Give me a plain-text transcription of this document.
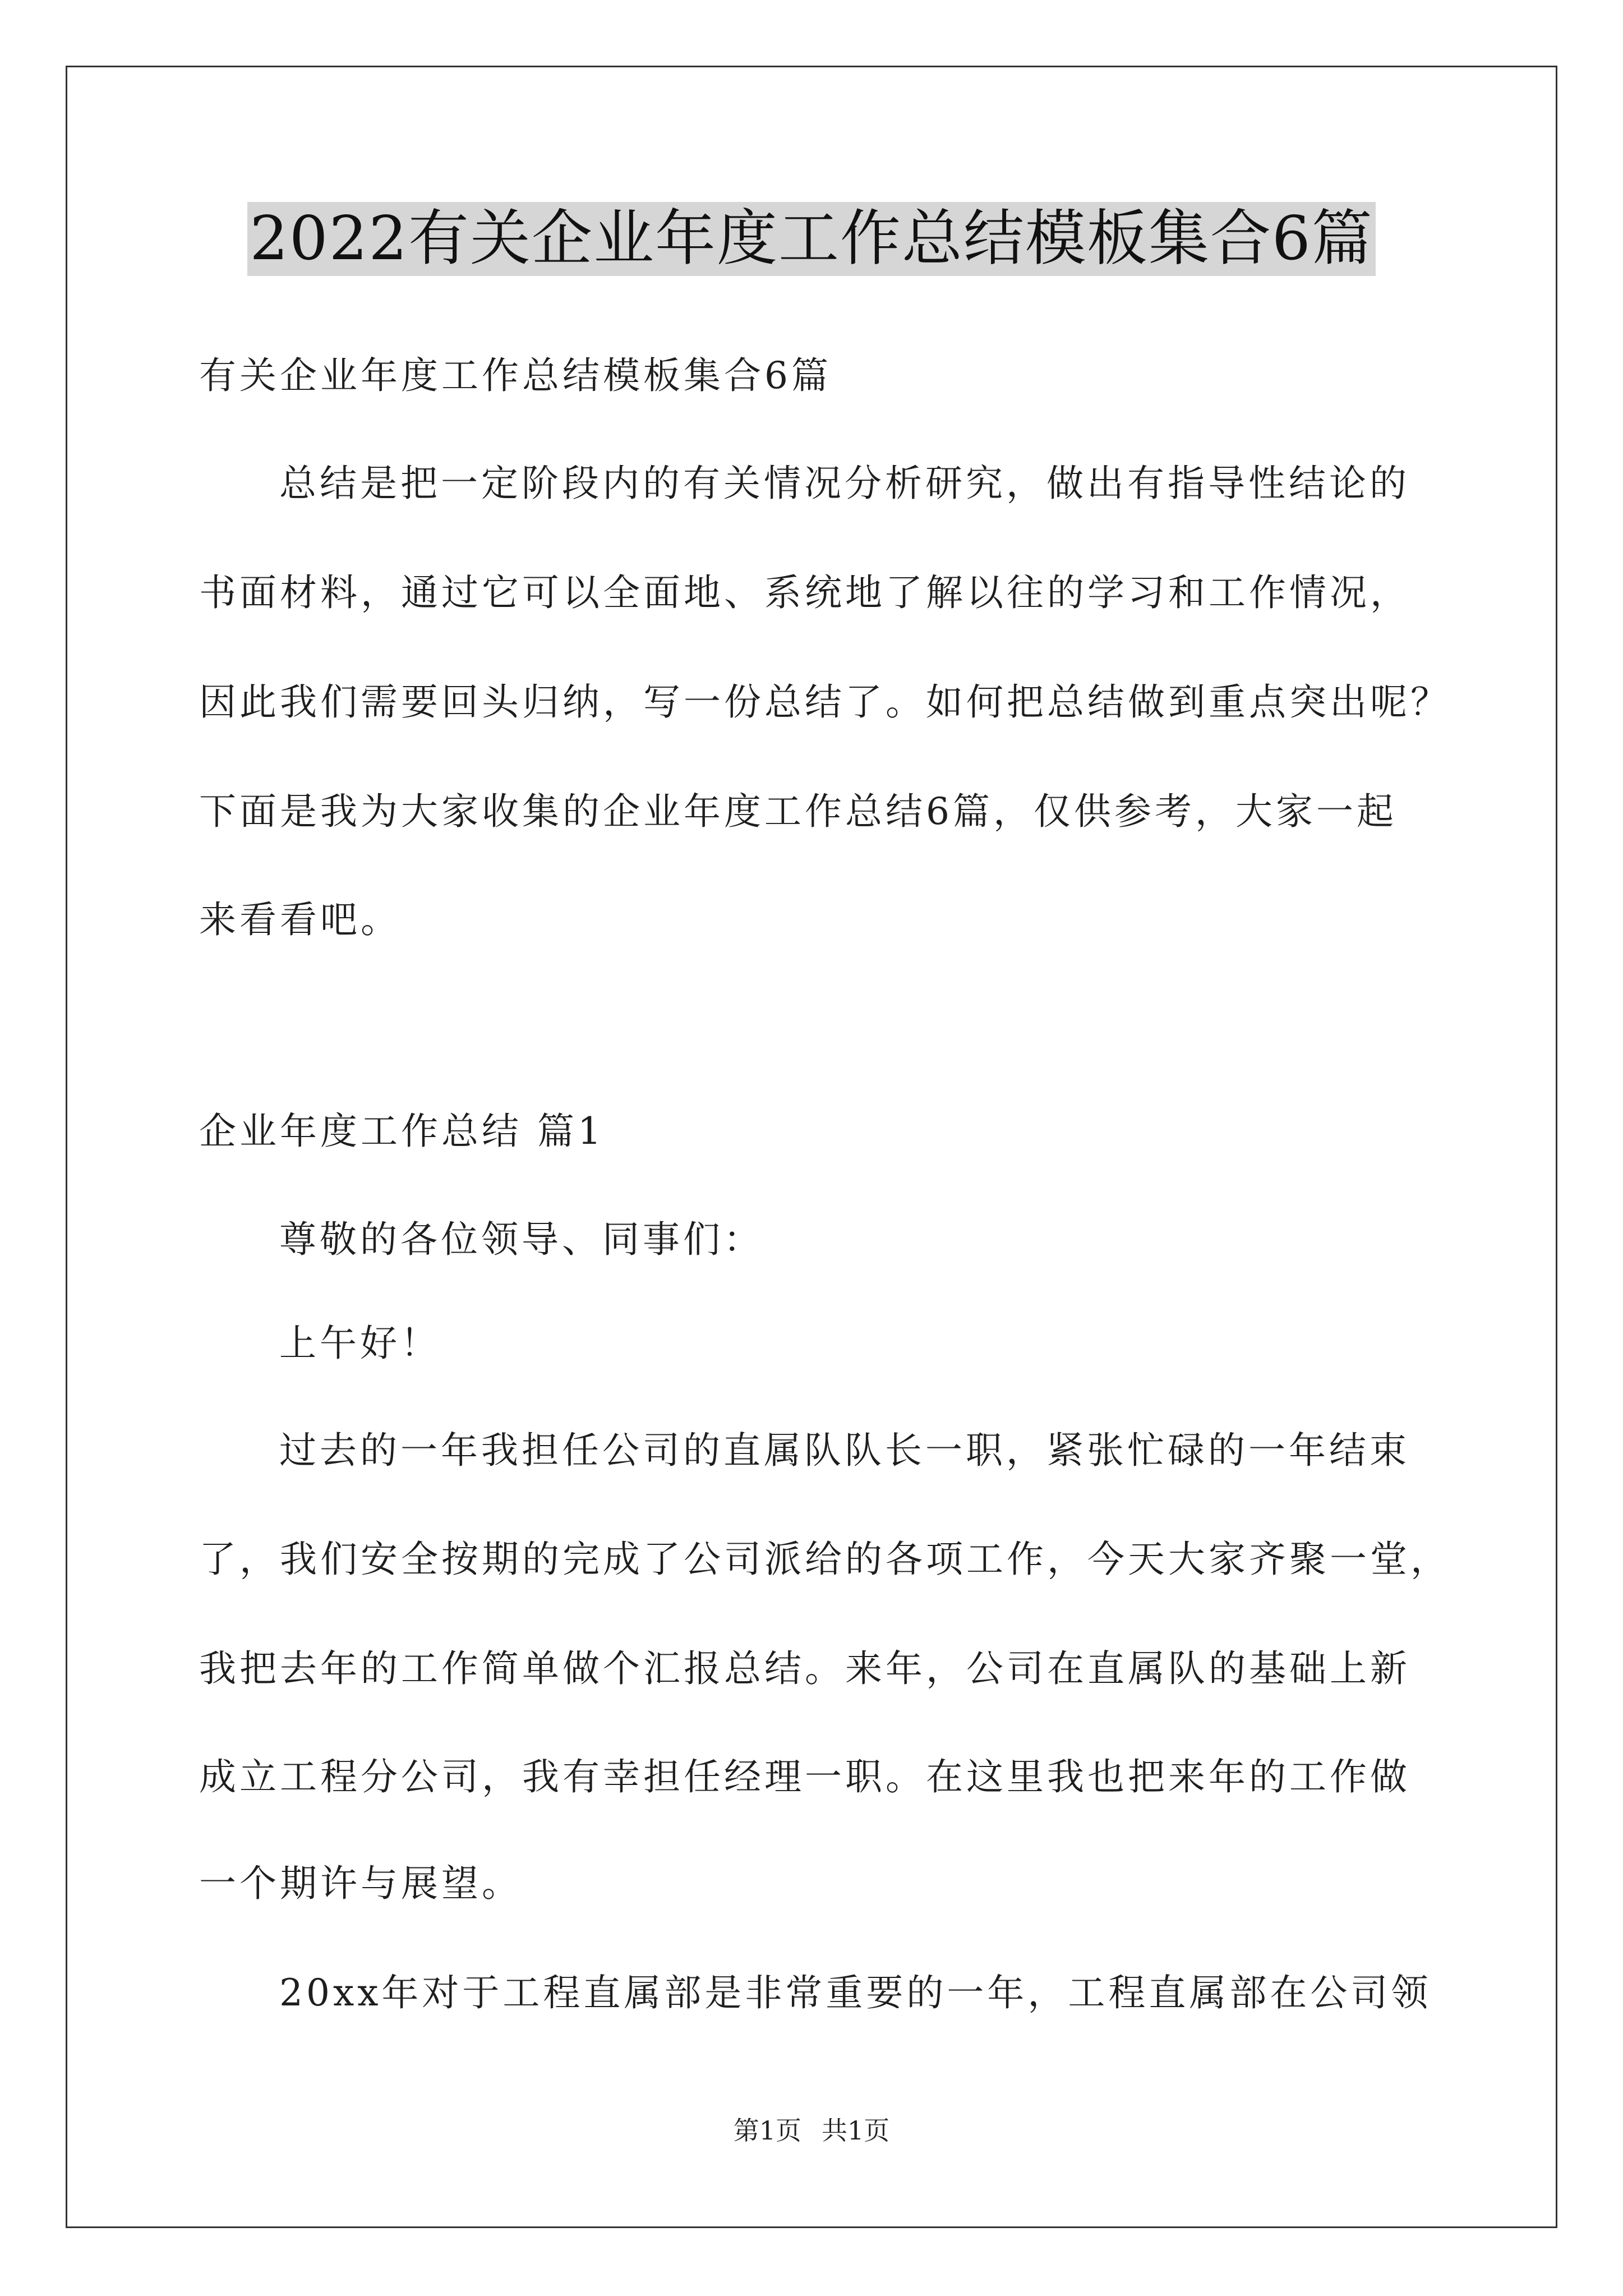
2022有关企业年度工作总结模板集合6篇
有关企业年度工作总结模板集合6篇
总结是把一定阶段内的有关情况分析研究，做出有指导性结论的
书面材料，通过它可以全面地、系统地了解以往的学习和工作情况，
因此我们需要回头归纳，写一份总结了。如何把总结做到重点突出呢？
下面是我为大家收集的企业年度工作总结6篇，仅供参考，大家一起
来看看吧。
企业年度工作总结 篇1
尊敬的各位领导、同事们：
上午好！
过去的一年我担任公司的直属队队长一职，紧张忙碌的一年结束
了，我们安全按期的完成了公司派给的各项工作，今天大家齐聚一堂，
我把去年的工作简单做个汇报总结。来年，公司在直属队的基础上新
成立工程分公司，我有幸担任经理一职。在这里我也把来年的工作做
一个期许与展望。
20xx年对于工程直属部是非常重要的一年，工程直属部在公司领
第1页 共1页
